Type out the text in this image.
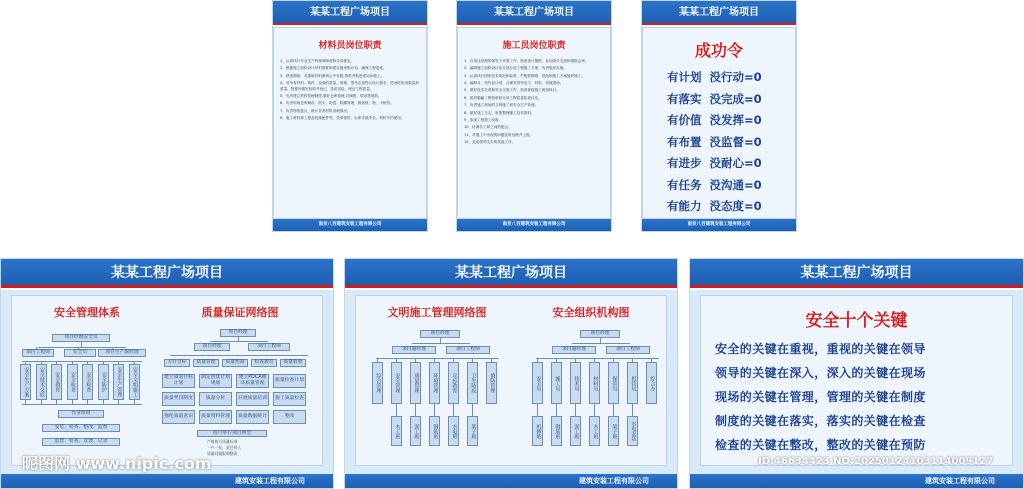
某某工程广场项目
材料员岗位职责

1、认真执行安全生产的规章制度和各项规定。

2、根据施工组织设计材料需要制度实施采购计划，确保工程进度。

3、熟悉图纸，对建筑材料做到心中有数,资料齐积进度同步跟上。

4、对所有材料、构件、设备的质量、规格、型号必须符合设计要求，进场时检查数量和质量，按程序做好验收并登记，及时送检，保证工程质量。

5、负责建立材料管理制度,做好仓库管理,对调拨、领用等建档。

6、负责现场仓库储存、防火、防盗、防潮管理，做到账、物、卡相符。

7、负责物资盘点，统计各类材料消耗情况。

8、施工材料和工程及机械配件等，凭单领料，出库手续齐全，材料节约使用。

南京八百建筑安装工程有限公司
某某工程广场项目
施工员岗位职责

1、在项目经理的领导下开展工作，熟悉设计图纸，参加设计交底和图纸会审。

2、编制施工组织设计及分部分项工程施工方案，负责组织实施。

3、认真执行国家技术规范和标准，严格按图纸、规范和施工方案组织施工。

4、编制月、旬作业计划，合理安排劳动力、材料、机械进场。

5、做好技术交底和安全交底工作，检查督促施工班组执行。

6、组织隐蔽工程验收和分项工程质量检查评定。

7、负责施工现场的文明施工和安全生产管理。

8、做好施工日志，收集整理施工技术资料。

9、参加工程竣工验收。

10、协调各工种之间的配合。

11、对施工中出现的问题及时处理并上报。

12、完成领导交办的其他工作。

南京八百建筑安装工程有限公司
某某工程广场项目
成功令
有计划 没行动=0
有落实 没完成=0
有价值 没发挥=0
有布置 没监督=0
有进步 没耐心=0
有任务 没沟通=0
有能力 没态度=0
南京八百建筑安装工程有限公司
某某工程广场项目
安全管理体系	质量保证网络图
项目经理安全员
项目工程师	安全员	项目生产副经理
安全生产方案	安全技术交底	安全教育	安全检查	安全检查	安全防护	安全生产管理	安全文明施工
作业班组
安装、检查、整改、监督
监督、检查、反馈、记录
项目经理
项目经理	项目工程师
方针目标	质量管理	质量控制	检查教育	质量验收
建立质量目标计划
制定创优计划规划
建立PDCA循环质量管理
质量检查计划
质量奖罚制度	质量分析	开展质量培训	施工质量检查
强化质量意识	质量资料管理	质量数据统计	整改
每月举行项目例会
严格执行质量标准
一户一检，责任到人
质量问题限期整改
建筑安装工程有限公司
某某工程广场项目
文明施工管理网络图	安全组织机构图
项目经理
项目副经理	项目工程师
综合管理	安全管理	质量管理	环境管理	宣传教育	卫生防疫	消防管理
木工班	泥工班	钢筋班	水电班	架子班
项目经理
项目副经理	项目工程师
安全员	施工员	技术员	材料员	保管员	机管员	综合办
机修班	钢筋班	泥工班	木工班	架子班	水电安装
建筑安装工程有限公司
某某工程广场项目
安全十个关键
安全的关键在重视，重视的关键在领导
领导的关键在深入，深入的关键在现场
现场的关键在管理，管理的关键在制度
制度的关键在落实，落实的关键在检查
检查的关键在整改，整改的关键在预防
建筑安装工程有限公司
昵图网 www.nipic.com	ID:46634423 NO:20250124103114009127
